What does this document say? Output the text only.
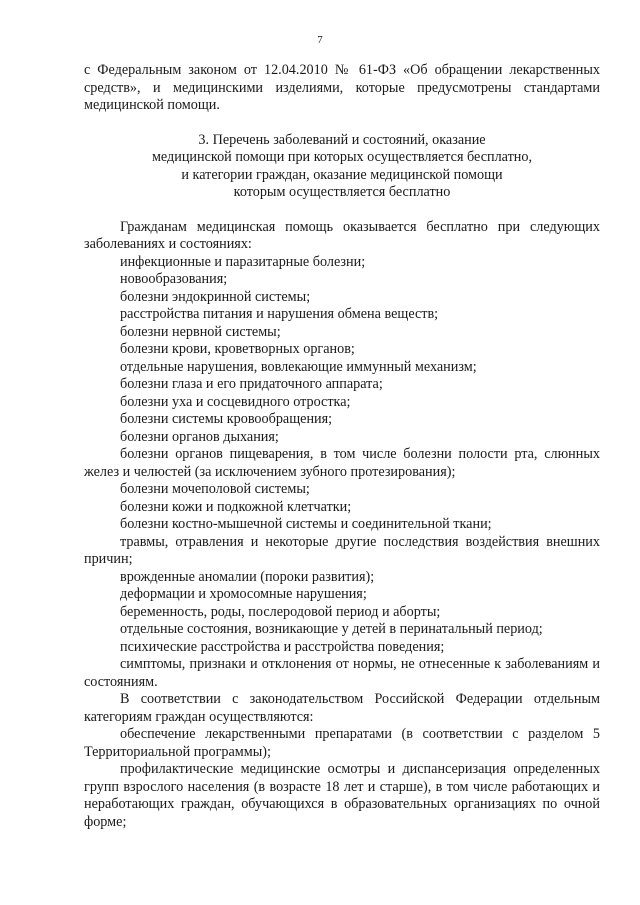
7

с Федеральным законом от 12.04.2010 № 61-ФЗ «Об обращении лекарственных средств», и медицинскими изделиями, которые предусмотрены стандартами медицинской помощи.

3. Перечень заболеваний и состояний, оказание
медицинской помощи при которых осуществляется бесплатно,
и категории граждан, оказание медицинской помощи
которым осуществляется бесплатно

Гражданам медицинская помощь оказывается бесплатно при следующих заболеваниях и состояниях:

инфекционные и паразитарные болезни;

новообразования;

болезни эндокринной системы;

расстройства питания и нарушения обмена веществ;

болезни нервной системы;

болезни крови, кроветворных органов;

отдельные нарушения, вовлекающие иммунный механизм;

болезни глаза и его придаточного аппарата;

болезни уха и сосцевидного отростка;

болезни системы кровообращения;

болезни органов дыхания;

болезни органов пищеварения, в том числе болезни полости рта, слюнных желез и челюстей (за исключением зубного протезирования);

болезни мочеполовой системы;

болезни кожи и подкожной клетчатки;

болезни костно-мышечной системы и соединительной ткани;

травмы, отравления и некоторые другие последствия воздействия внешних причин;

врожденные аномалии (пороки развития);

деформации и хромосомные нарушения;

беременность, роды, послеродовой период и аборты;

отдельные состояния, возникающие у детей в перинатальный период;

психические расстройства и расстройства поведения;

симптомы, признаки и отклонения от нормы, не отнесенные к заболеваниям и состояниям.

В соответствии с законодательством Российской Федерации отдельным категориям граждан осуществляются:

обеспечение лекарственными препаратами (в соответствии с разделом 5 Территориальной программы);

профилактические медицинские осмотры и диспансеризация определенных групп взрослого населения (в возрасте 18 лет и старше), в том числе работающих и неработающих граждан, обучающихся в образовательных организациях по очной форме;
